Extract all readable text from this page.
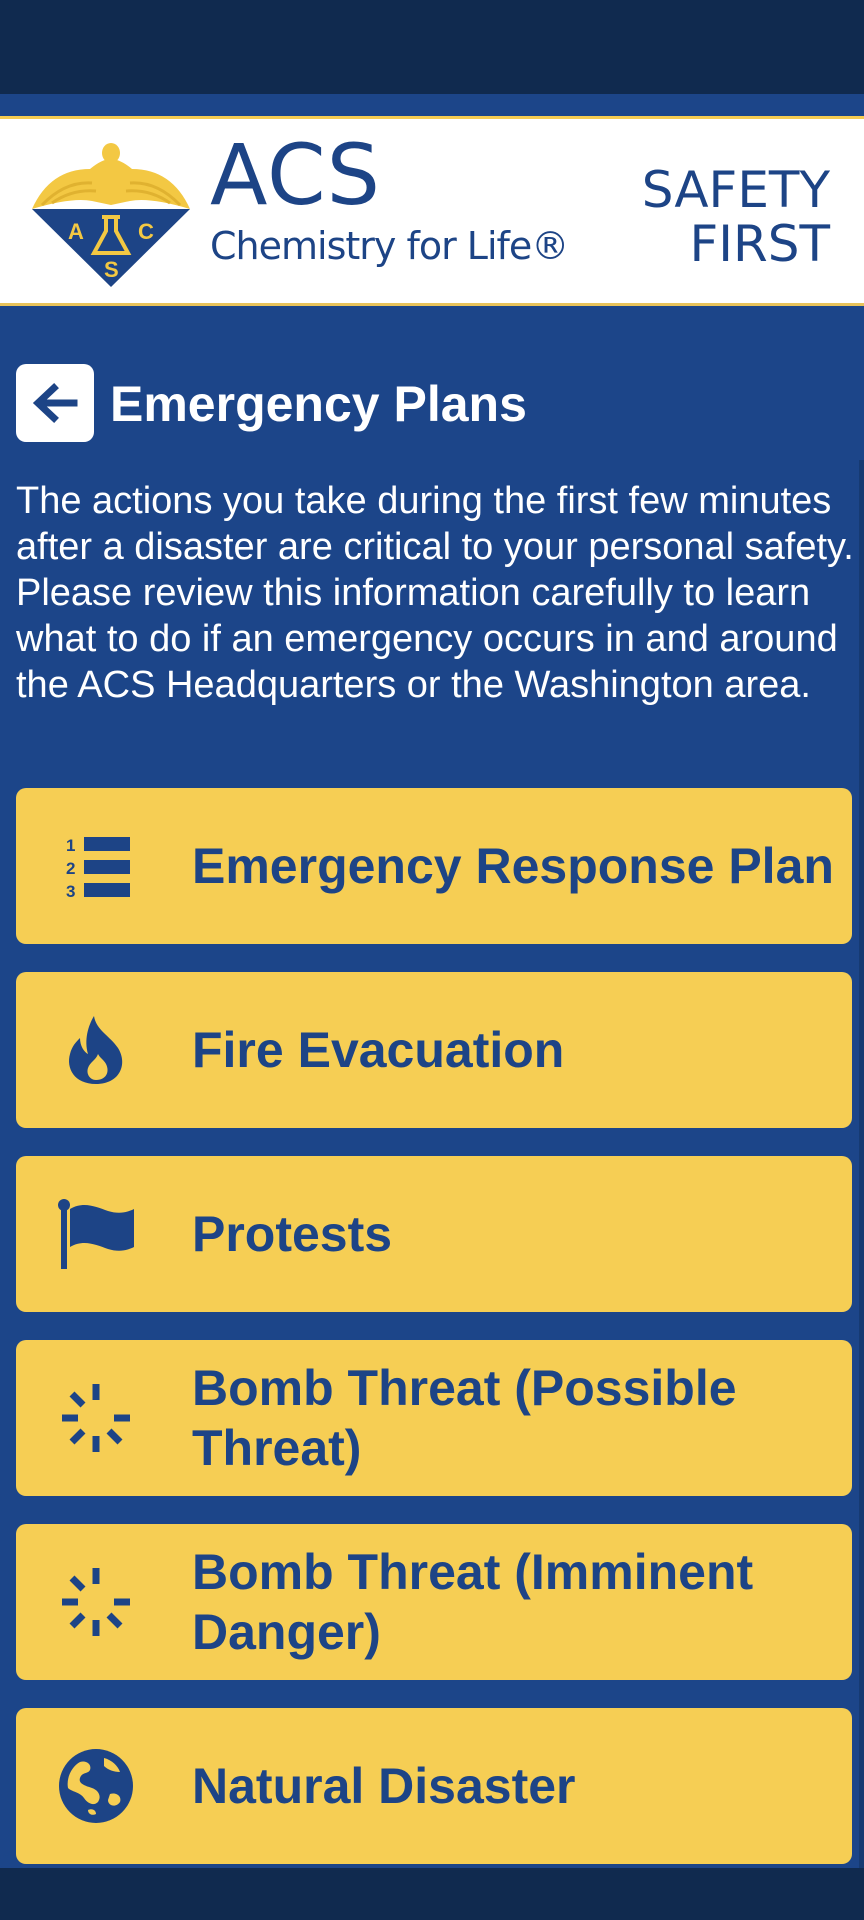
A C
S
ACS
Chemistry for Life®
SAFETY
FIRST
Emergency Plans
The actions you take during the first few minutes after a disaster are critical to your personal safety. Please review this information carefully to learn what to do if an emergency occurs in and around the ACS Headquarters or the Washington area.
1
2
3 Emergency Response Plan
Fire Evacuation
Protests
Bomb Threat (Possible Threat)
Bomb Threat (Imminent Danger)
Natural Disaster
